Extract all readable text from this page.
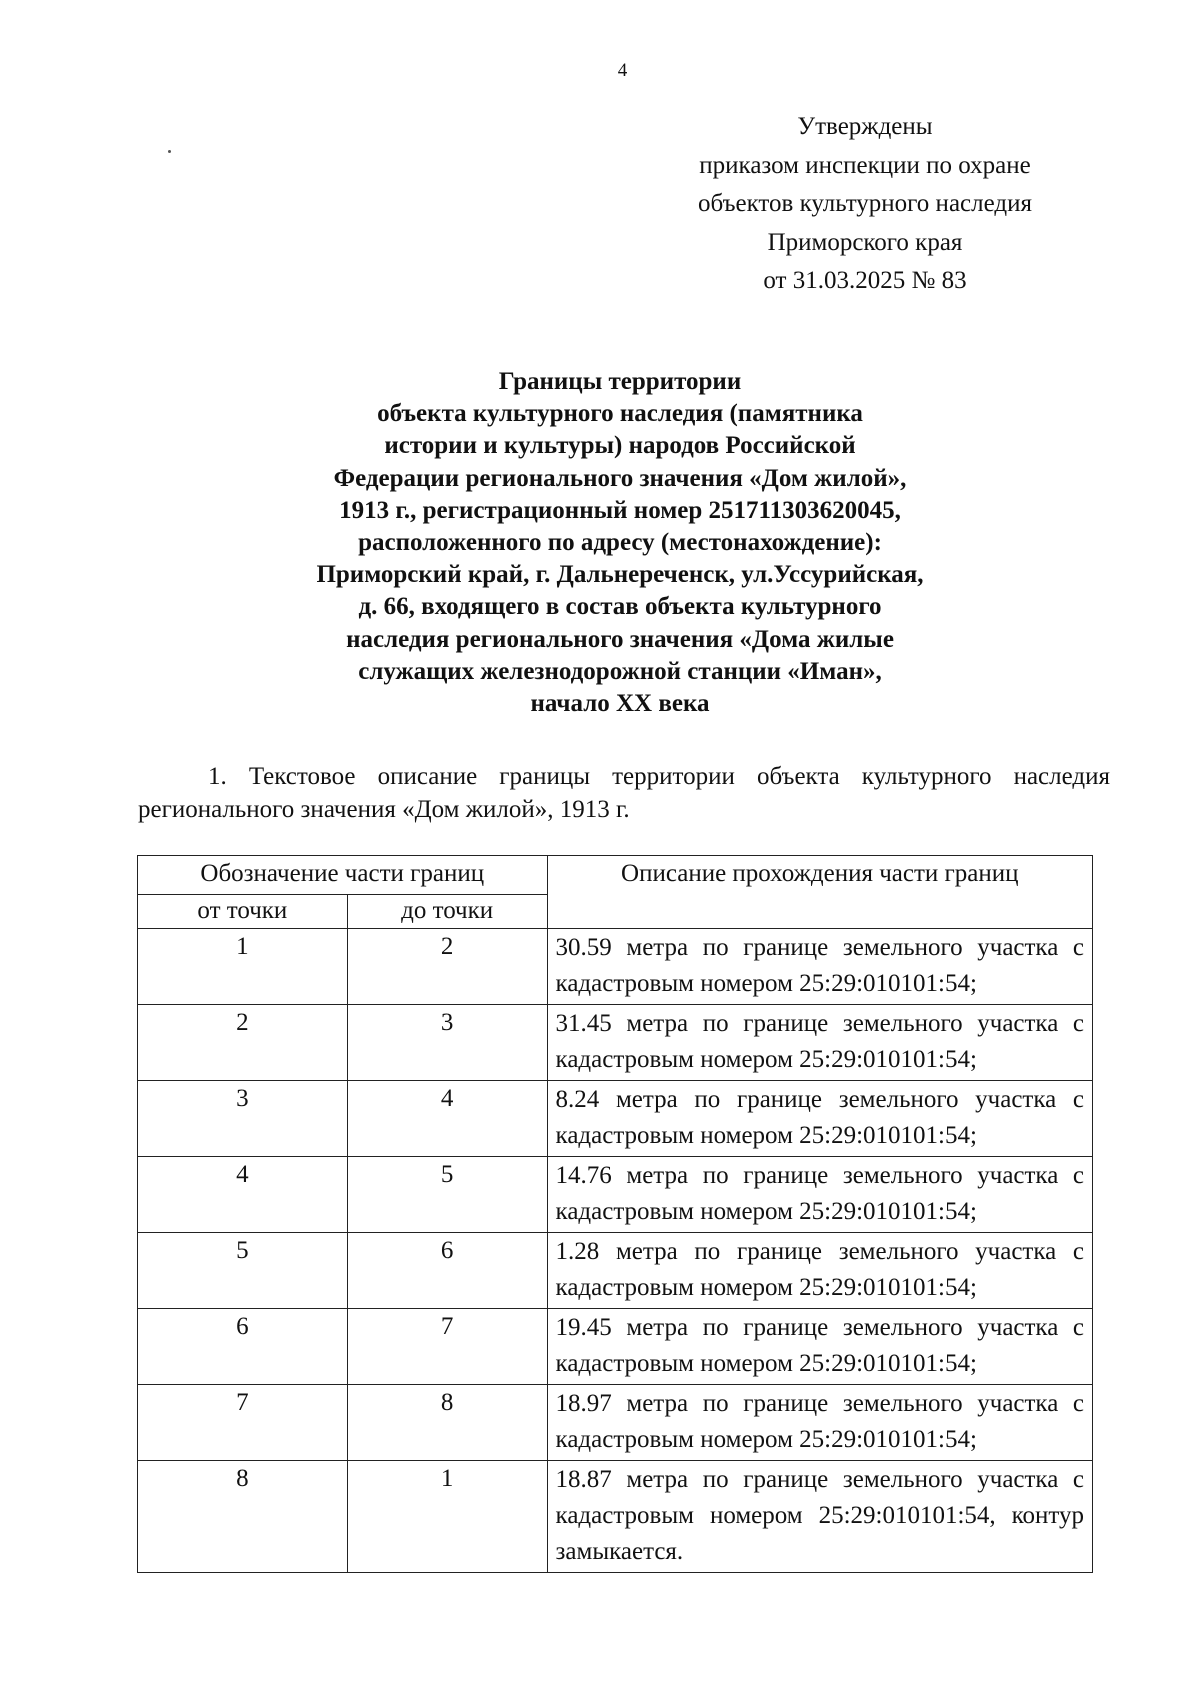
4
Утверждены
приказом инспекции по охране
объектов культурного наследия
Приморского края
от 31.03.2025 № 83
Границы территории
объекта культурного наследия (памятника
истории и культуры) народов Российской
Федерации регионального значения «Дом жилой»,
1913 г., регистрационный номер 251711303620045,
расположенного по адресу (местонахождение):
Приморский край, г. Дальнереченск, ул.Уссурийская,
д. 66, входящего в состав объекта культурного
наследия регионального значения «Дома жилые
служащих железнодорожной станции «Иман»,
начало XX века
1. Текстовое описание границы территории объекта культурного наследия регионального значения «Дом жилой», 1913 г.
Обозначение части границ		Описание прохождения части границ
от точки	до точки	
1	2	30.59 метра по границе земельного участка с кадастровым номером 25:29:010101:54;
2	3	31.45 метра по границе земельного участка с кадастровым номером 25:29:010101:54;
3	4	8.24 метра по границе земельного участка с кадастровым номером 25:29:010101:54;
4	5	14.76 метра по границе земельного участка с кадастровым номером 25:29:010101:54;
5	6	1.28 метра по границе земельного участка с кадастровым номером 25:29:010101:54;
6	7	19.45 метра по границе земельного участка с кадастровым номером 25:29:010101:54;
7	8	18.97 метра по границе земельного участка с кадастровым номером 25:29:010101:54;
8	1	18.87 метра по границе земельного участка с кадастровым номером 25:29:010101:54, контур замыкается.
